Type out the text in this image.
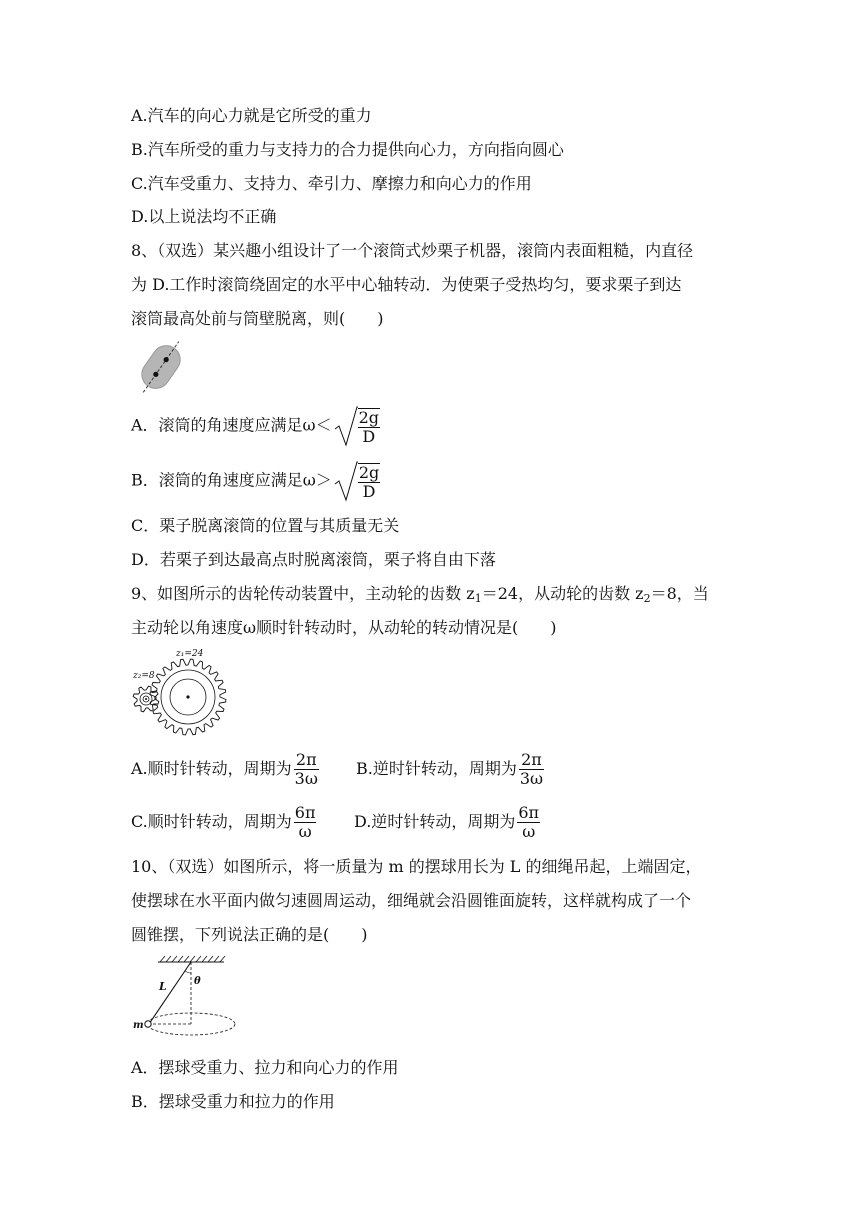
A.汽车的向心力就是它所受的重力
B.汽车所受的重力与支持力的合力提供向心力，方向指向圆心
C.汽车受重力、支持力、牵引力、摩擦力和向心力的作用
D.以上说法均不正确
8、（双选）某兴趣小组设计了一个滚筒式炒栗子机器，滚筒内表面粗糙，内直径
为 D.工作时滚筒绕固定的水平中心轴转动．为使栗子受热均匀，要求栗子到达
滚筒最高处前与筒壁脱离，则(　　)
A．滚筒的角速度应满足$\omega< \frac{2g}{D}$
B．滚筒的角速度应满足$\omega> \frac{2g}{D}$
C．栗子脱离滚筒的位置与其质量无关
D．若栗子到达最高点时脱离滚筒，栗子将自由下落
9、如图所示的齿轮传动装置中，主动轮的齿数 $z_1=24$，从动轮的齿数 $z_2=8$，当
主动轮以角速度ω顺时针转动时，从动轮的转动情况是(　　)
z₁=24
z₂=8
A.顺时针转动，周期为 $\frac{2\pi}{3\omega} B$.逆时针转动，周期为 $\frac{2\pi}{3\omega}$
C.顺时针转动，周期为 $\frac{6\pi}{\omega} D$.逆时针转动，周期为 $\frac{6\pi}{\omega}$
10、（双选）如图所示，将一质量为 m 的摆球用长为 L 的细绳吊起，上端固定，
使摆球在水平面内做匀速圆周运动，细绳就会沿圆锥面旋转，这样就构成了一个
圆锥摆，下列说法正确的是(　　)
L	θ
m
A．摆球受重力、拉力和向心力的作用
B．摆球受重力和拉力的作用
